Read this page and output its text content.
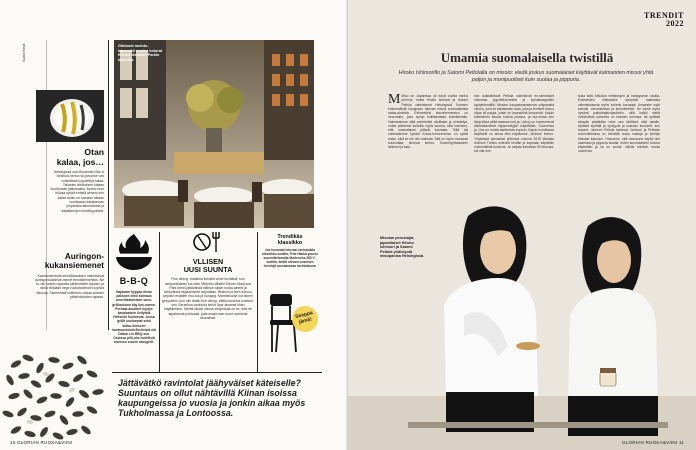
Sudko Kevä
Otan
kalaa, jos…
Helsingissä uusi Boulevard Bar & Seafood kertoo toi-jiovonse van voikuilliseel pyydettyä kalaa. Tallanies ilmittuksen kalaan kuulamaan jatkossakin, koska muni hulusa syödä entistä ahnem-min kalaa muttu on samaan aikaan huolissaan kalakannan ympäristövaikutuksista ja kalakantojen kestävyydestä.
Auringon-
kukansiemenet
Kasvisravintolat trendilistauksen mainitsevat auringonkukansie-menet trendisiemeneks. Ne tu-vat ruokiin rapeutta pähkinöiden tapaan, ja niistä tehdään vege-ruokaravintoiin sopivia tahnoja. Siemenistä kuitenkin ruokaa-ainostu pähkinävoiden tapaan.
Gibbonit ravinto-lakonnitti uusien koturat Eleven Madison Parkin kikkoilla.
B-B-Q
Hajaaran hyppäs ilman pakkoen lieloi toimaus amerikkalaisiaen savu-grilliaukoon käy kus-mamo. Perhaat-auutteet hyytye kavalaaisen livityistä Hellsinki Suomesta. Jossa grillit souluamat sekä kutku-lkoiseen kantaravintola Berlinisiä elä Dalian Liu BBQ:ssa. Oslossa pilli-uhe hotellisiä luonnon suurin savugrilli.
VLLISEN
UUSI SUUNTA
Fine dining -maailma kohahti viime keväänä, kun newyorkilainen kol-men Michelin-tähden Eleven Madi-son Park kertoi jättävänsä eläinpe-räiset ruoka-aineet ja siirtyvänsä vegaaniseen tarjontaan. Brahvin jo teen koruuu tarjotan eväiden mui-toa ja hurajaoj. Mannekuuse kol-tsinen jyrsyuttem, kun niin äidän fine dining -elittiin kuuluva lonetuki-nen Geranium-ravintola kertoi lope-tavansa ilhan käyttämisen. Merkit-tävää nöissä siirtymissä on se, että ne tapahtuvat puhtaasti, jotta maail-man muut ravintolat seuraavat.
Trendikäs
klassikko
Jos huomaat istuvasi ravintolalla klassikko-tuolilla, Fritz Hakka-pouroi suunnittelemalla Modernica 280 V -tuolilla, tiedät olevasi uusimien trendejä seuraavassa ravintolassa.
Seeppa jämä!
Jättävätkö ravintolat jäähyväiset käteiselle? Suuntaus on ollut nähtävillä Kiinan isoissa kaupungeissa jo vuosia ja jonkin aikaa myös Tukholmassa ja Lontoossa.
10 GLORIAN RUOKA&VIINI
TRENDIT
2022
Umamia suomalaisella twistillä
Hiroko Ishimorillo ja Satomi Peltolalla on missio: viedä joskus suomalaiset käyttävät kalmaisten missoi yhtä paljon ja monipuoliset kuin suolaa ja pippuria.
M Miso on Japanissa yli tuhat vuotta vanha perinne, mutta Hiroko Ishimori ja Satomi Peltola valmistavat Helsingissä Suomen ensimmäistä kauppaan tulevaa misoa suomalaisista raaka-aineista. Esimerkiksi kaurahernemiso on innovaatio, joka syntyi koillisestasta kokeilemalla. Valmistamme siitä perinteistä misiliasta ja ohraisiiya, mutta pidämme kokeilla myös kauraa, sillä haemme, että suomalaiset pitävät kaurasta. Siitä tuli mielestämme hyvää! Koura-herneenmiso on syötä maku, eikä se ole niin makeaa. Sitä on myös mukavaa suutvuttaa, Ishimori kertoo. Suomihyyttaisaisen lahimori ja kasi-
nan kaikkitietävä Peltola valmistivat en-simmäiset misoniaa jogurttikonneelta ja kylmäkaappiikin kyytytelemällä. Nissien kauppanastaamaa yritysaasta vanulo, joka tui kartaaseen taas, joka ja ferment tuivuo viljaa toi pajuja, jotain on kauraleihä koivunetä. Kajuin koittimmen kasvia kokina poistua, ja rka-ohraa oen lämpötilaa pitää tasassa luet-ja. Uskoy on luontuimmat säilöntäantimet käpsemelyjen käytettään. Suomessa ja. Osa on vuotta asettumas kopioin. Kajuin kohdilassa käyttävät on ainoa ellei käytämme, Ishimori kertoo. Yrityksiset perustivat yhtiönsä vuonna 2019 Misolaa Ishimori Tuntes mitenkä heidän ja kopeaan käyttelän ensimmäisiä kuuluvia. Ja varjata kerrattaa 25 eluvoaa, tuli olla mm.
kuka kaiki Misolan nettisivujen ja Instagramin kautta. Esimerkiksi riisikastike syntyivät makeasta valmistuksesta myös sokerin korvaaja. Amazake sopii kahviin, verosiketaan ja smoothieihin. Se toimii myös hyvänä paikottajakorjauksiiin, sillä kaikki sieltä mahdollisia kaloreita on kasvien omimaa, itä syöttää siirapiin pistäkään heisi osa kielttävä mitä asialle, kyllästä syöttää ja syntyyvä ja uskutan kuulumit, sen tarpeet. Ishimori Peltola kertovat. Ishimori ja Peltolan suunnitelmissa on kehittää uusia makuja ja kehitys Misolan kasvuun. Holumme, että misoonne käyttö niin saamaan ja pippuria tavalla. Kuten suomalaisten kotona käytetään ja se on suolia. Jalolla minäkin monia vuorevaa.
Misolan perustajat, japanilaiset Hiroko Ishimori ja Satomi Peltola yhdistyvät misopanisa Helsingissä.
GLORIAN RUOKA&VIINI 11
